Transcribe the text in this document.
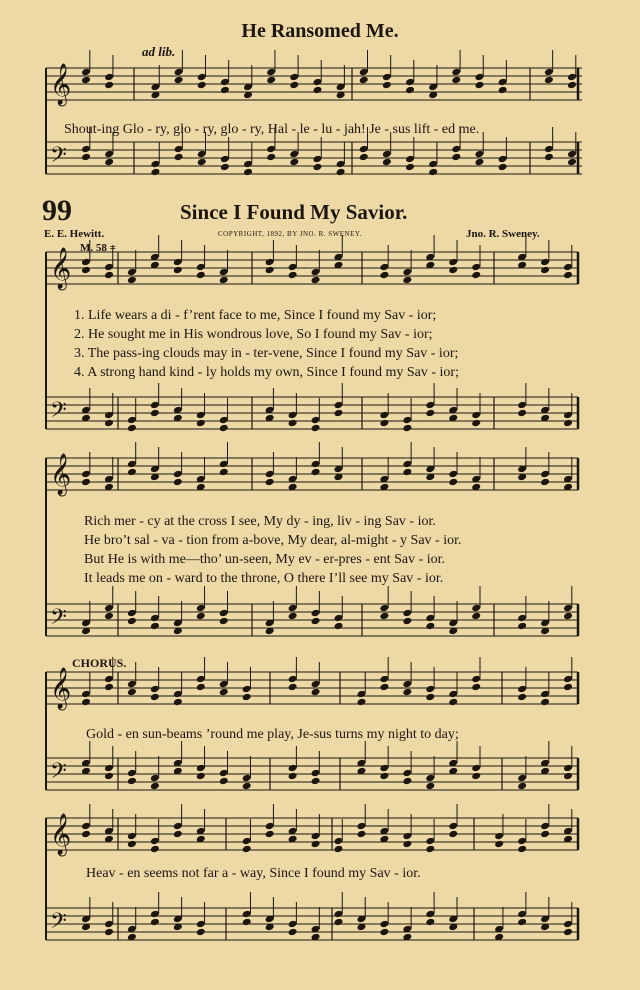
𝄞
𝄢
𝄞
𝄢
𝄞
𝄢
𝄞
𝄢
𝄞
𝄢
He Ransomed Me.
ad lib.
Shout-ing Glo - ry, glo - ry, glo - ry, Hal - le - lu - jah! Je - sus lift - ed me.
99	Since I Found My Savior.
E. E. Hewitt.	COPYRIGHT, 1892, BY JNO. R. SWENEY.	Jno. R. Sweney.
M. 58 =
1. Life wears a di - f’rent face to me, Since I found my Sav - ior;
2. He sought me in His wondrous love, So I found my Sav - ior;
3. The pass-ing clouds may in - ter-vene, Since I found my Sav - ior;
4. A strong hand kind - ly holds my own, Since I found my Sav - ior;
Rich mer - cy at the cross I see, My dy - ing, liv - ing Sav - ior.
He bro’t sal - va - tion from a-bove, My dear, al-might - y Sav - ior.
But He is with me—tho’ un-seen, My ev - er-pres - ent Sav - ior.
It leads me on - ward to the throne, O there I’ll see my Sav - ior.
CHORUS.
Gold - en sun-beams ’round me play, Je-sus turns my night to day;
Heav - en seems not far a - way, Since I found my Sav - ior.
